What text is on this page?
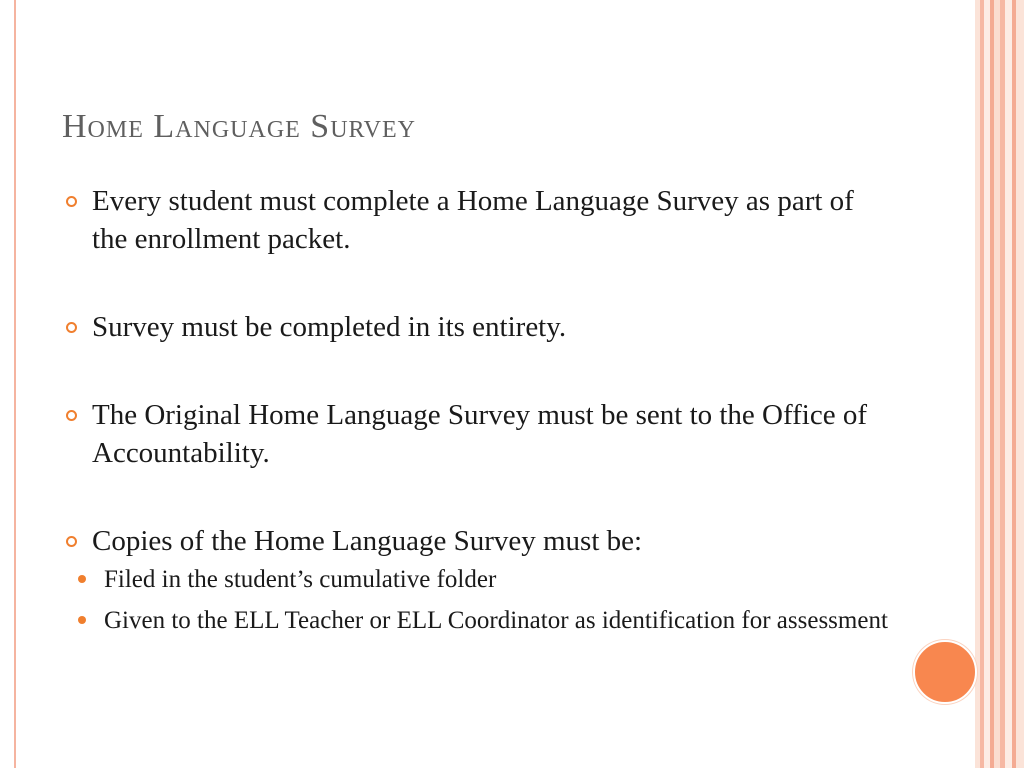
Home Language Survey
Every student must complete a Home Language Survey as part of the enrollment packet.
Survey must be completed in its entirety.
The Original Home Language Survey must be sent to the Office of Accountability.
Copies of the Home Language Survey must be:
Filed in the student’s cumulative folder
Given to the ELL Teacher or ELL Coordinator as identification for assessment
